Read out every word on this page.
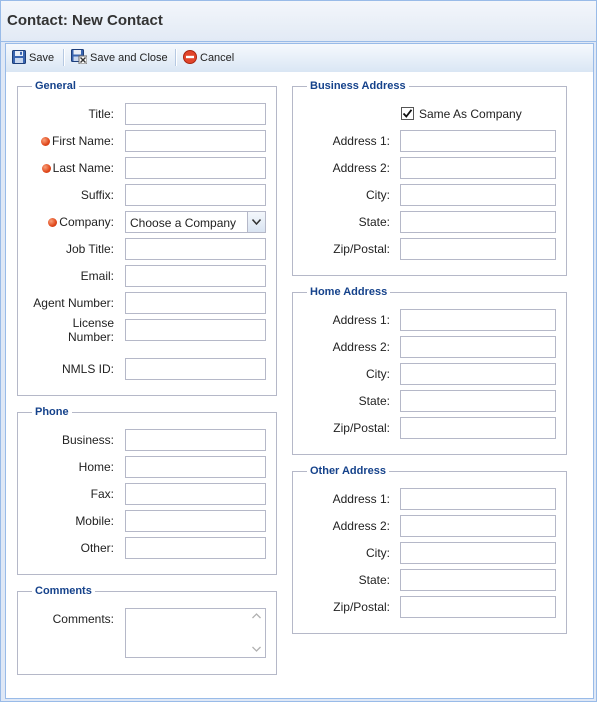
Contact: New Contact
Save	Save and Close	Cancel
General
Title:
First Name:
Last Name:
Suffix:
Company: Choose a Company
Job Title:
Email:
Agent Number:
License
Number:
NMLS ID:
Phone
Business:
Home:
Fax:
Mobile:
Other:
Comments
Comments:
Business Address
Same As Company
Address 1:
Address 2:
City:
State:
Zip/Postal:
Home Address
Address 1:
Address 2:
City:
State:
Zip/Postal:
Other Address
Address 1:
Address 2:
City:
State:
Zip/Postal:
